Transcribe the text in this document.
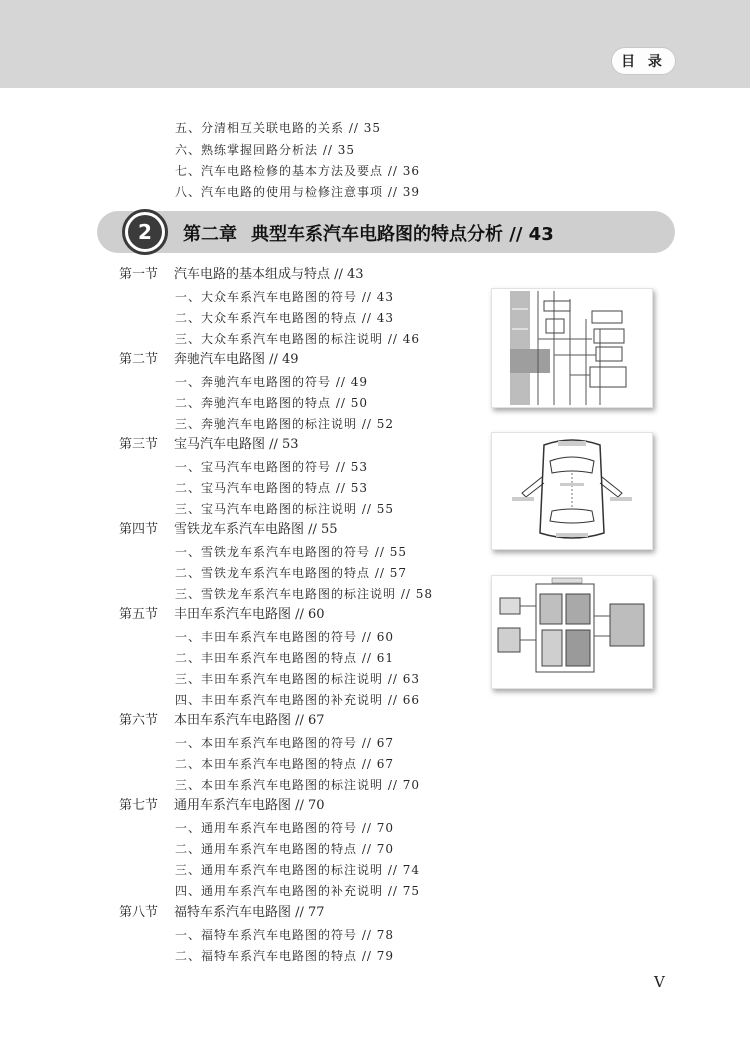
目 录
五、分清相互关联电路的关系 // 35
六、熟练掌握回路分析法 // 35
七、汽车电路检修的基本方法及要点 // 36
八、汽车电路的使用与检修注意事项 // 39
2	第二章 典型车系汽车电路图的特点分析 // 43
第一节 汽车电路的基本组成与特点 // 43
一、大众车系汽车电路图的符号 // 43
二、大众车系汽车电路图的特点 // 43
三、大众车系汽车电路图的标注说明 // 46
第二节 奔驰汽车电路图 // 49
一、奔驰汽车电路图的符号 // 49
二、奔驰汽车电路图的特点 // 50
三、奔驰汽车电路图的标注说明 // 52
第三节 宝马汽车电路图 // 53
一、宝马汽车电路图的符号 // 53
二、宝马汽车电路图的特点 // 53
三、宝马汽车电路图的标注说明 // 55
第四节 雪铁龙车系汽车电路图 // 55
一、雪铁龙车系汽车电路图的符号 // 55
二、雪铁龙车系汽车电路图的特点 // 57
三、雪铁龙车系汽车电路图的标注说明 // 58
第五节 丰田车系汽车电路图 // 60
一、丰田车系汽车电路图的符号 // 60
二、丰田车系汽车电路图的特点 // 61
三、丰田车系汽车电路图的标注说明 // 63
四、丰田车系汽车电路图的补充说明 // 66
第六节 本田车系汽车电路图 // 67
一、本田车系汽车电路图的符号 // 67
二、本田车系汽车电路图的特点 // 67
三、本田车系汽车电路图的标注说明 // 70
第七节 通用车系汽车电路图 // 70
一、通用车系汽车电路图的符号 // 70
二、通用车系汽车电路图的特点 // 70
三、通用车系汽车电路图的标注说明 // 74
四、通用车系汽车电路图的补充说明 // 75
第八节 福特车系汽车电路图 // 77
一、福特车系汽车电路图的符号 // 78
二、福特车系汽车电路图的特点 // 79
V
